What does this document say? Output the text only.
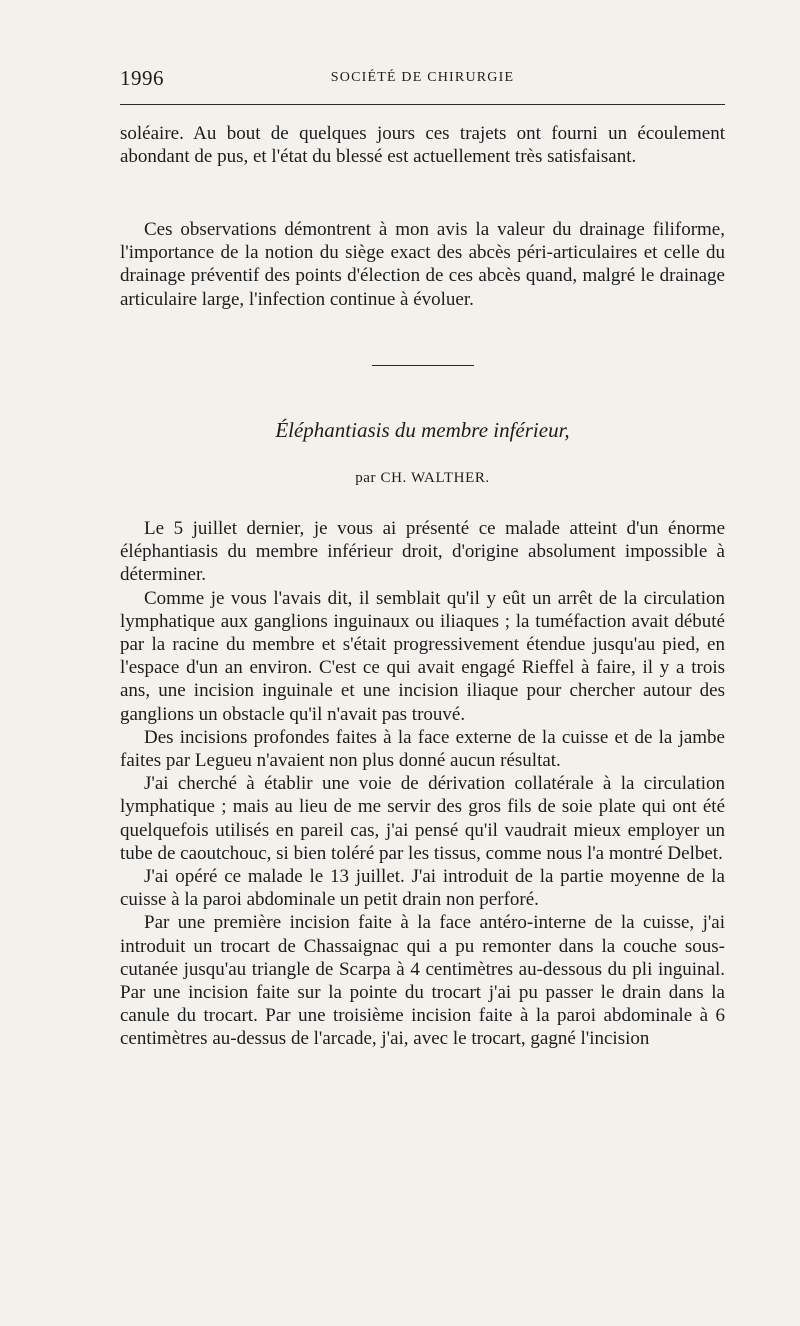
1996	SOCIÉTÉ DE CHIRURGIE

soléaire. Au bout de quelques jours ces trajets ont fourni un écoulement abondant de pus, et l'état du blessé est actuellement très satisfaisant.

Ces observations démontrent à mon avis la valeur du drainage filiforme, l'importance de la notion du siège exact des abcès péri-articulaires et celle du drainage préventif des points d'élection de ces abcès quand, malgré le drainage articulaire large, l'infection continue à évoluer.

Éléphantiasis du membre inférieur,
par CH. WALTHER.

Le 5 juillet dernier, je vous ai présenté ce malade atteint d'un énorme éléphantiasis du membre inférieur droit, d'origine absolument impossible à déterminer.

Comme je vous l'avais dit, il semblait qu'il y eût un arrêt de la circulation lymphatique aux ganglions inguinaux ou iliaques ; la tuméfaction avait débuté par la racine du membre et s'était progressivement étendue jusqu'au pied, en l'espace d'un an environ. C'est ce qui avait engagé Rieffel à faire, il y a trois ans, une incision inguinale et une incision iliaque pour chercher autour des ganglions un obstacle qu'il n'avait pas trouvé.

Des incisions profondes faites à la face externe de la cuisse et de la jambe faites par Legueu n'avaient non plus donné aucun résultat.

J'ai cherché à établir une voie de dérivation collatérale à la circulation lymphatique ; mais au lieu de me servir des gros fils de soie plate qui ont été quelquefois utilisés en pareil cas, j'ai pensé qu'il vaudrait mieux employer un tube de caoutchouc, si bien toléré par les tissus, comme nous l'a montré Delbet.

J'ai opéré ce malade le 13 juillet. J'ai introduit de la partie moyenne de la cuisse à la paroi abdominale un petit drain non perforé.

Par une première incision faite à la face antéro-interne de la cuisse, j'ai introduit un trocart de Chassaignac qui a pu remonter dans la couche sous-cutanée jusqu'au triangle de Scarpa à 4 centimètres au-dessous du pli inguinal. Par une incision faite sur la pointe du trocart j'ai pu passer le drain dans la canule du trocart. Par une troisième incision faite à la paroi abdominale à 6 centimètres au-dessus de l'arcade, j'ai, avec le trocart, gagné l'incision
